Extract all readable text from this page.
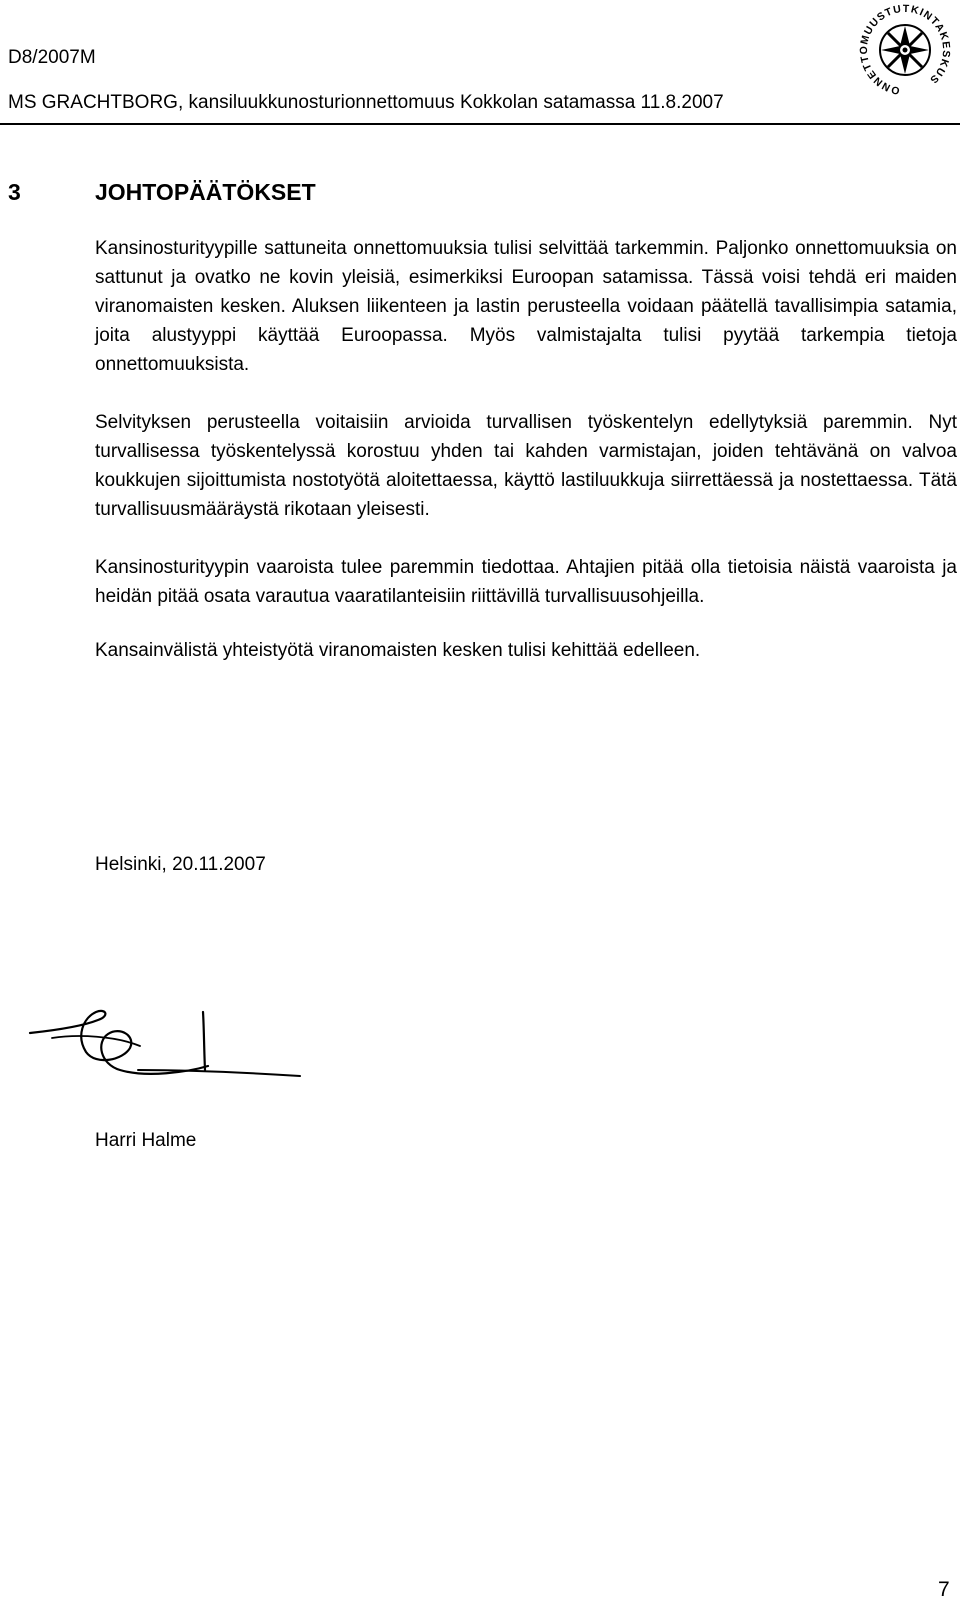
D8/2007M
MS GRACHTBORG, kansiluukkunosturionnettomuus Kokkolan satamassa 11.8.2007
ONNETTOMUUSTUTKINTAKESKUS
3	JOHTOPÄÄTÖKSET

Kansinosturityypille sattuneita onnettomuuksia tulisi selvittää tarkemmin. Paljonko onnettomuuksia on sattunut ja ovatko ne kovin yleisiä, esimerkiksi Euroopan satamissa. Tässä voisi tehdä eri maiden viranomaisten kesken. Aluksen liikenteen ja lastin perusteella voidaan päätellä tavallisimpia satamia, joita alustyyppi käyttää Euroopassa. Myös valmistajalta tulisi pyytää tarkempia tietoja onnettomuuksista.

Selvityksen perusteella voitaisiin arvioida turvallisen työskentelyn edellytyksiä paremmin. Nyt turvallisessa työskentelyssä korostuu yhden tai kahden varmistajan, joiden tehtävänä on valvoa koukkujen sijoittumista nostotyötä aloitettaessa, käyttö lastiluukkuja siirrettäessä ja nostettaessa. Tätä turvallisuusmääräystä rikotaan yleisesti.

Kansinosturityypin vaaroista tulee paremmin tiedottaa. Ahtajien pitää olla tietoisia näistä vaaroista ja heidän pitää osata varautua vaaratilanteisiin riittävillä turvallisuusohjeilla.

Kansainvälistä yhteistyötä viranomaisten kesken tulisi kehittää edelleen.

Helsinki, 20.11.2007
Harri Halme
7
